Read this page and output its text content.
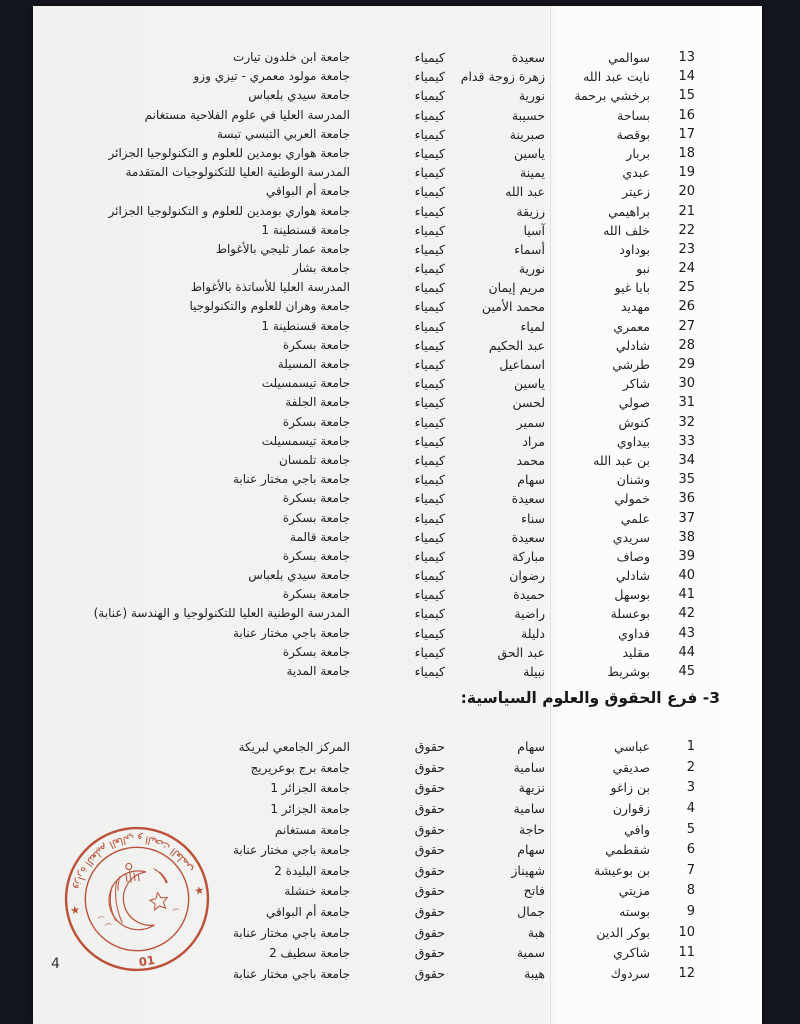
13
سوالمي
سعيدة
كيمياء
جامعة ابن خلدون تيارت
14
نايت عبد الله
زهرة زوجة قدام
كيمياء
جامعة مولود معمري - تيزي وزو
15
برخشي برحمة
نورية
كيمياء
جامعة سيدي بلعباس
16
بساحة
حسيبة
كيمياء
المدرسة العليا في علوم الفلاحية مستغانم
17
بوقصة
صبرينة
كيمياء
جامعة العربي التبسي تبسة
18
بربار
ياسين
كيمياء
جامعة هواري بومدين للعلوم و التكنولوجيا الجزائر
19
عبدي
يمينة
كيمياء
المدرسة الوطنية العليا للتكنولوجيات المتقدمة
20
زعيتر
عبد الله
كيمياء
جامعة أم البواقي
21
براهيمي
رزيقة
كيمياء
جامعة هواري بومدين للعلوم و التكنولوجيا الجزائر
22
خلف الله
آسيا
كيمياء
جامعة قسنطينة 1
23
بوداود
أسماء
كيمياء
جامعة عمار ثليجي بالأغواط
24
نبو
نورية
كيمياء
جامعة بشار
25
بابا غيو
مريم إيمان
كيمياء
المدرسة العليا للأساتذة بالأغواط
26
مهديد
محمد الأمين
كيمياء
جامعة وهران للعلوم والتكنولوجيا
27
معمري
لمياء
كيمياء
جامعة قسنطينة 1
28
شادلي
عبد الحكيم
كيمياء
جامعة بسكرة
29
طرشي
اسماعيل
كيمياء
جامعة المسيلة
30
شاكر
ياسين
كيمياء
جامعة تيسمسيلت
31
صولي
لحسن
كيمياء
جامعة الجلفة
32
كنوش
سمير
كيمياء
جامعة بسكرة
33
بيداوي
مراد
كيمياء
جامعة تيسمسيلت
34
بن عبد الله
محمد
كيمياء
جامعة تلمسان
35
وشنان
سهام
كيمياء
جامعة باجي مختار عنابة
36
خمولي
سعيدة
كيمياء
جامعة بسكرة
37
علمي
سناء
كيمياء
جامعة بسكرة
38
سريدي
سعيدة
كيمياء
جامعة قالمة
39
وصاف
مباركة
كيمياء
جامعة بسكرة
40
شادلي
رضوان
كيمياء
جامعة سيدي بلعباس
41
بوسهل
حميدة
كيمياء
جامعة بسكرة
42
بوعسلة
راضية
كيمياء
المدرسة الوطنية العليا للتكنولوجيا و الهندسة (عنابة)
43
فداوي
دليلة
كيمياء
جامعة باجي مختار عنابة
44
مقليد
عبد الحق
كيمياء
جامعة بسكرة
45
بوشريط
نبيلة
كيمياء
جامعة المدية
3- فرع الحقوق والعلوم السياسية:
1
عباسي
سهام
حقوق
المركز الجامعي لبريكة
2
صديقي
سامية
حقوق
جامعة برج بوعريريج
3
بن زاغو
نزيهة
حقوق
جامعة الجزائر 1
4
زقوارن
سامية
حقوق
جامعة الجزائر 1
5
وافي
حاجة
حقوق
جامعة مستغانم
6
شقطمي
سهام
حقوق
جامعة باجي مختار عنابة
7
بن بوعيشة
شهيناز
حقوق
جامعة البليدة 2
8
مزيتي
فاتح
حقوق
جامعة خنشلة
9
بوسته
جمال
حقوق
جامعة أم البواقي
10
بوكر الدين
هبة
حقوق
جامعة باجي مختار عنابة
11
شاكري
سمية
حقوق
جامعة سطيف 2
12
سردوك
هيبة
حقوق
جامعة باجي مختار عنابة
وزارة التعليم العالي و البحث العلمي
★
★
01
4
